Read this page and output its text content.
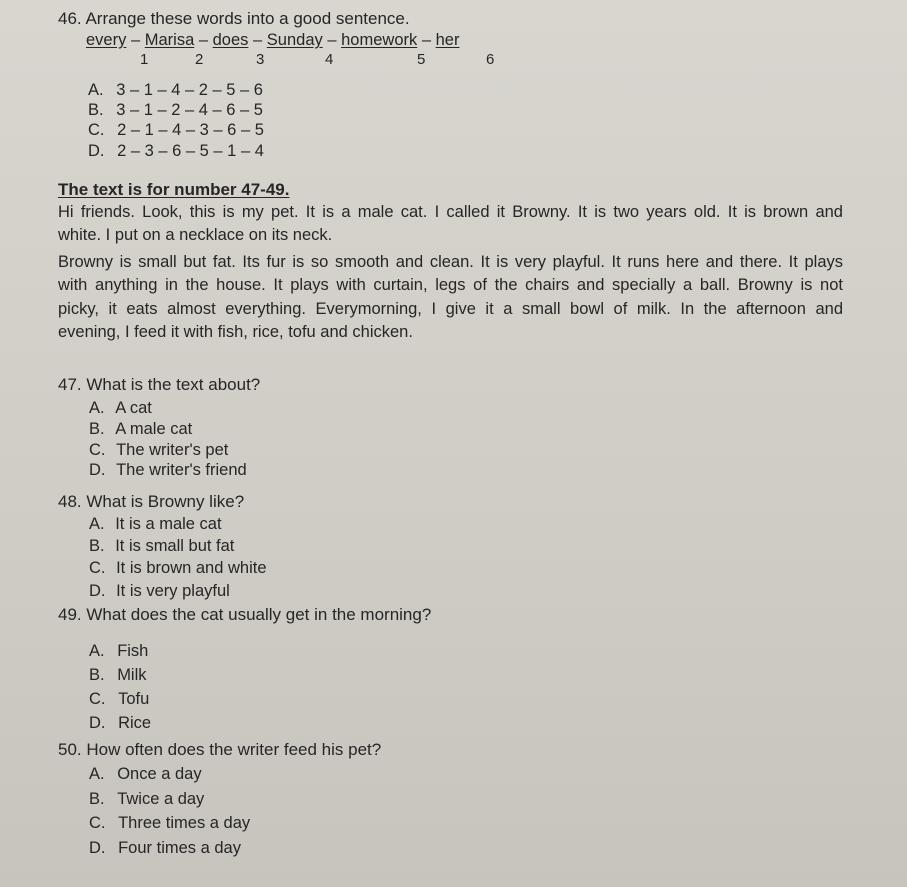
46. Arrange these words into a good sentence.
every – Marisa – does – Sunday – homework – her
1	2	3	4	5	6
A. 3 – 1 – 4 – 2 – 5 – 6
B. 3 – 1 – 2 – 4 – 6 – 5
C. 2 – 1 – 4 – 3 – 6 – 5
D. 2 – 3 – 6 – 5 – 1 – 4
The text is for number 47-49.
Hi friends. Look, this is my pet. It is a male cat. I called it Browny. It is two years old. It is brown and
white. I put on a necklace on its neck.
Browny is small but fat. Its fur is so smooth and clean. It is very playful. It runs here and there. It plays
with anything in the house. It plays with curtain, legs of the chairs and specially a ball. Browny is not
picky, it eats almost everything. Everymorning, I give it a small bowl of milk. In the afternoon and
evening, I feed it with fish, rice, tofu and chicken.
47. What is the text about?
A. A cat
B. A male cat
C. The writer's pet
D. The writer's friend
48. What is Browny like?
A. It is a male cat
B. It is small but fat
C. It is brown and white
D. It is very playful
49. What does the cat usually get in the morning?
A. Fish
B. Milk
C. Tofu
D. Rice
50. How often does the writer feed his pet?
A. Once a day
B. Twice a day
C. Three times a day
D. Four times a day
